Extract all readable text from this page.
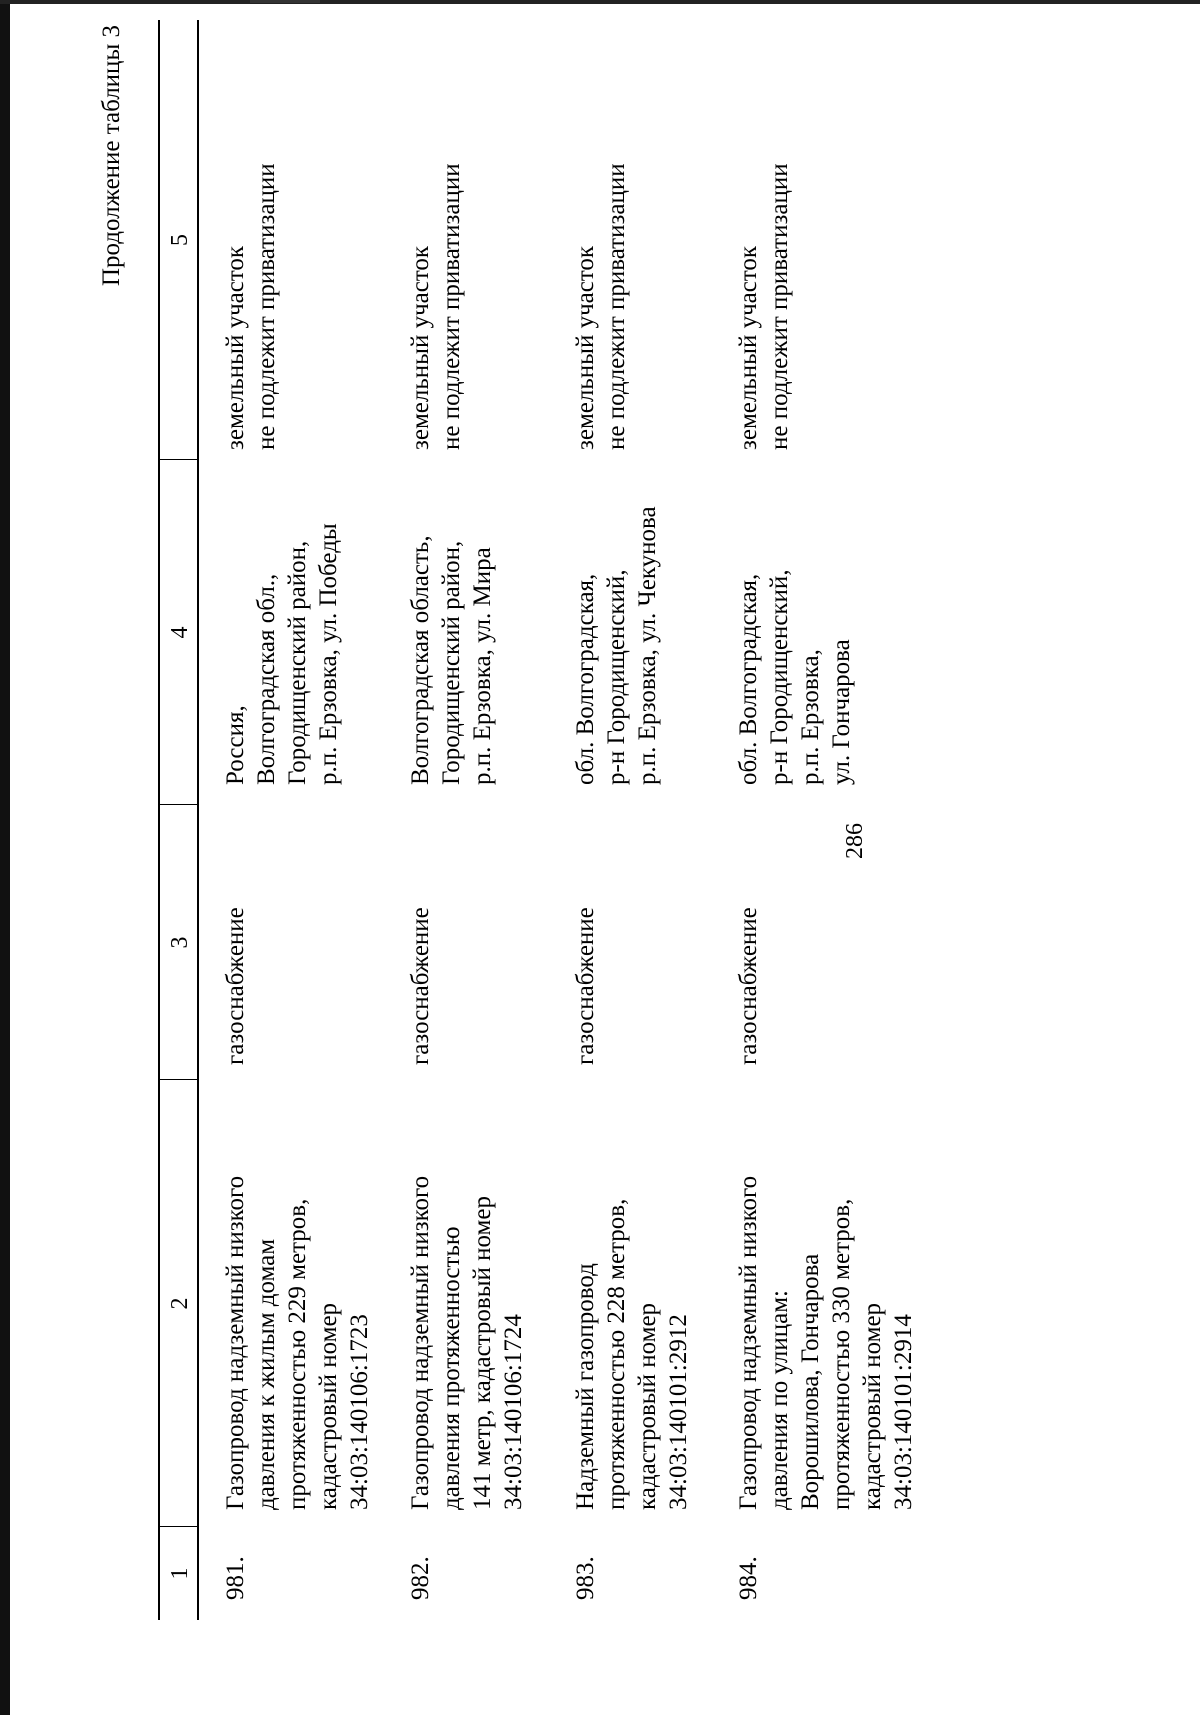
286
Продолжение таблицы 3
1
2
3
4
5
981.
Газопровод надземный низкого
давления к жилым домам
протяженностью 229 метров,
кадастровый номер
34:03:140106:1723
газоснабжение
Россия,
Волгоградская обл.,
Городищенский район,
р.п. Ерзовка, ул. Победы
земельный участок
не подлежит приватизации
982.
Газопровод надземный низкого
давления протяженностью
141 метр, кадастровый номер
34:03:140106:1724
газоснабжение
Волгоградская область,
Городищенский район,
р.п. Ерзовка, ул. Мира
земельный участок
не подлежит приватизации
983.
Надземный газопровод
протяженностью 228 метров,
кадастровый номер
34:03:140101:2912
газоснабжение
обл. Волгоградская,
р-н Городищенский,
р.п. Ерзовка, ул. Чекунова
земельный участок
не подлежит приватизации
984.
Газопровод надземный низкого
давления по улицам:
Ворошилова, Гончарова
протяженностью 330 метров,
кадастровый номер
34:03:140101:2914
газоснабжение
обл. Волгоградская,
р-н Городищенский,
р.п. Ерзовка,
ул. Гончарова
земельный участок
не подлежит приватизации
